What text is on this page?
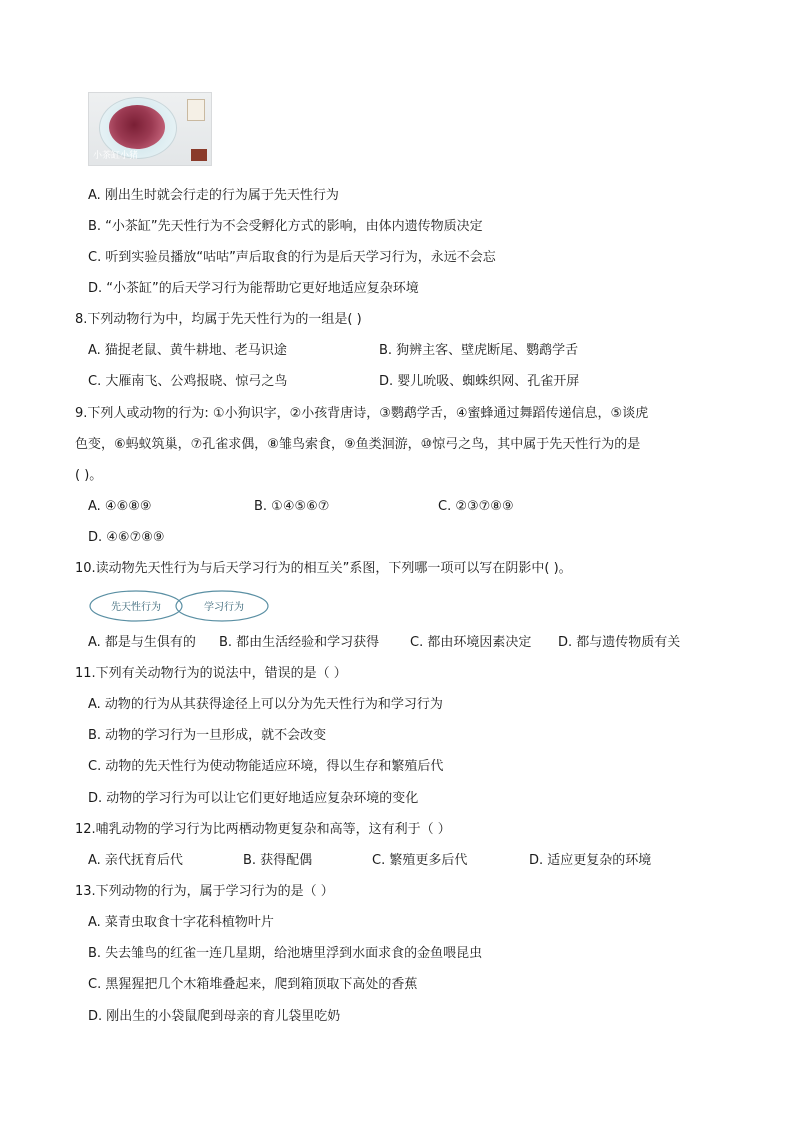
小茶缸小猪
A. 刚出生时就会行走的行为属于先天性行为
B. “小茶缸”先天性行为不会受孵化方式的影响，由体内遗传物质决定
C. 听到实验员播放“咕咕”声后取食的行为是后天学习行为，永远不会忘
D. “小茶缸”的后天学习行为能帮助它更好地适应复杂环境
8.下列动物行为中，均属于先天性行为的一组是( )
A. 猫捉老鼠、黄牛耕地、老马识途	B. 狗辨主客、壁虎断尾、鹦鹉学舌
C. 大雁南飞、公鸡报晓、惊弓之鸟	D. 婴儿吮吸、蜘蛛织网、孔雀开屏
9.下列人或动物的行为: ①小狗识字，②小孩背唐诗，③鹦鹉学舌，④蜜蜂通过舞蹈传递信息，⑤谈虎
色变，⑥蚂蚁筑巢，⑦孔雀求偶，⑧雏鸟索食，⑨鱼类洄游，⑩惊弓之鸟，其中属于先天性行为的是
( )。
A. ④⑥⑧⑨	B. ①④⑤⑥⑦	C. ②③⑦⑧⑨
D. ④⑥⑦⑧⑨
10.读动物先天性行为与后天学习行为的相互关”系图，下列哪一项可以写在阴影中( )。
先天性行为	学习行为
A. 都是与生俱有的 B. 都由生活经验和学习获得 C. 都由环境因素决定 D. 都与遗传物质有关
11.下列有关动物行为的说法中，错误的是（ ）
A. 动物的行为从其获得途径上可以分为先天性行为和学习行为
B. 动物的学习行为一旦形成，就不会改变
C. 动物的先天性行为使动物能适应环境，得以生存和繁殖后代
D. 动物的学习行为可以让它们更好地适应复杂环境的变化
12.哺乳动物的学习行为比两栖动物更复杂和高等，这有利于（ ）
A. 亲代抚育后代	B. 获得配偶	C. 繁殖更多后代	D. 适应更复杂的环境
13.下列动物的行为，属于学习行为的是（ ）
A. 菜青虫取食十字花科植物叶片
B. 失去雏鸟的红雀一连几星期，给池塘里浮到水面求食的金鱼喂昆虫
C. 黑猩猩把几个木箱堆叠起来，爬到箱顶取下高处的香蕉
D. 刚出生的小袋鼠爬到母亲的育儿袋里吃奶
